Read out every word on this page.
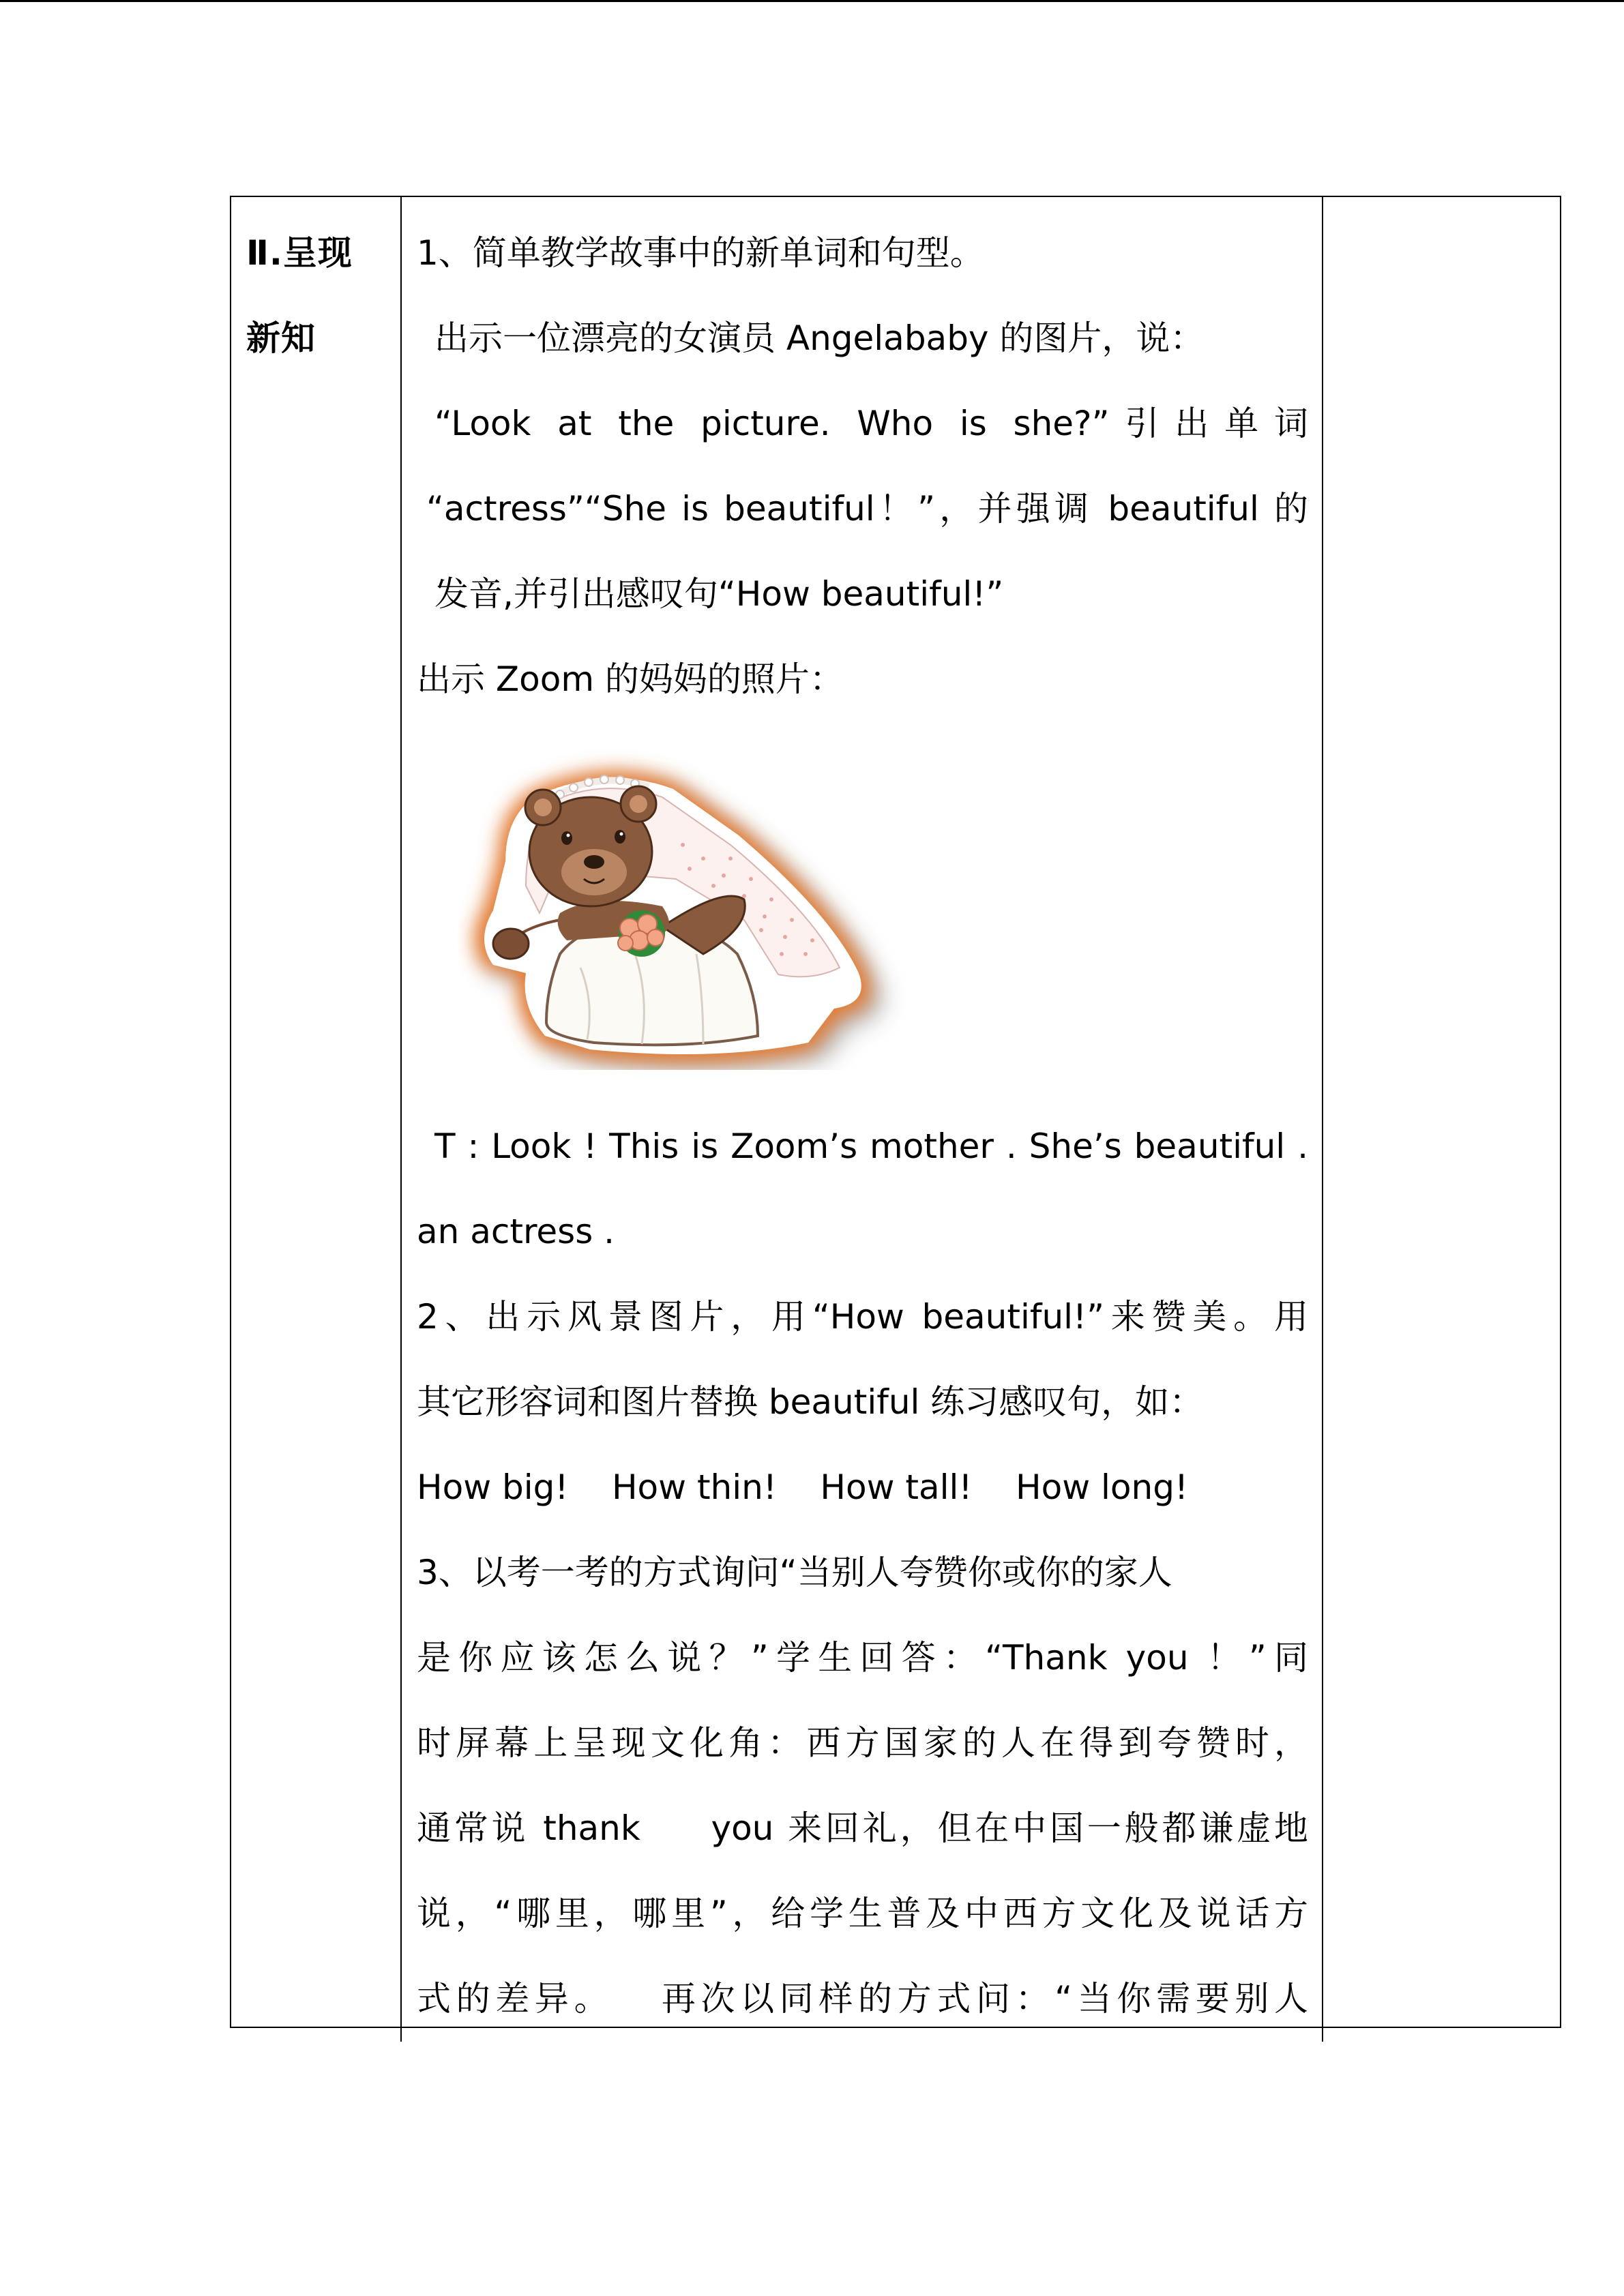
Ⅱ.呈现
新知
1、简单教学故事中的新单词和句型。
出示一位漂亮的女演员 Angelababy 的图片，说：
“Look at the picture. Who is she?”引出单词
“actress”“She is beautiful！”，并强调 beautiful 的
发音,并引出感叹句“How beautiful!”
出示 Zoom 的妈妈的照片：
T : Look ! This is Zoom’s mother . She’s beautiful .
an actress .
2、出示风景图片，用“How beautiful!”来赞美。用
其它形容词和图片替换 beautiful 练习感叹句，如：
How big!    How thin!    How tall!    How long!
3、以考一考的方式询问“当别人夸赞你或你的家人
是你应该怎么说？”学生回答：“Thank you ！”同
时屏幕上呈现文化角：西方国家的人在得到夸赞时，
通常说 thank     you 来回礼，但在中国一般都谦虚地
说，“哪里，哪里”，给学生普及中西方文化及说话方
式的差异。   再次以同样的方式问：“当你需要别人
